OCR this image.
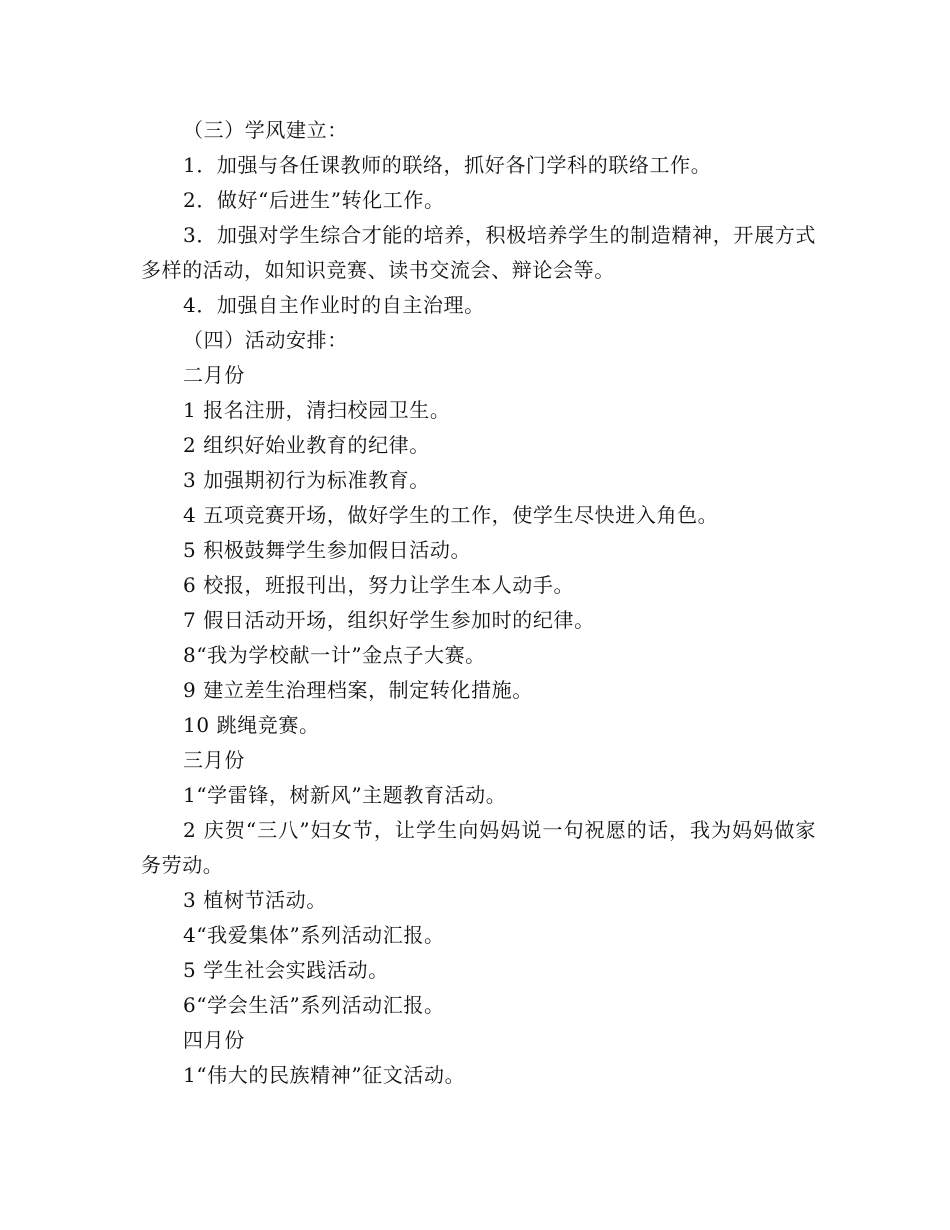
（三）学风建立：

1．加强与各任课教师的联络，抓好各门学科的联络工作。

2．做好“后进生”转化工作。

3．加强对学生综合才能的培养，积极培养学生的制造精神，开展方式多样的活动，如知识竞赛、读书交流会、辩论会等。

4．加强自主作业时的自主治理。

（四）活动安排：

二月份

1 报名注册，清扫校园卫生。

2 组织好始业教育的纪律。

3 加强期初行为标准教育。

4 五项竞赛开场，做好学生的工作，使学生尽快进入角色。

5 积极鼓舞学生参加假日活动。

6 校报，班报刊出，努力让学生本人动手。

7 假日活动开场，组织好学生参加时的纪律。

8“我为学校献一计”金点子大赛。

9 建立差生治理档案，制定转化措施。

10 跳绳竞赛。

三月份

1“学雷锋，树新风”主题教育活动。

2 庆贺“三八”妇女节，让学生向妈妈说一句祝愿的话，我为妈妈做家务劳动。

3 植树节活动。

4“我爱集体”系列活动汇报。

5 学生社会实践活动。

6“学会生活”系列活动汇报。

四月份

1“伟大的民族精神”征文活动。
